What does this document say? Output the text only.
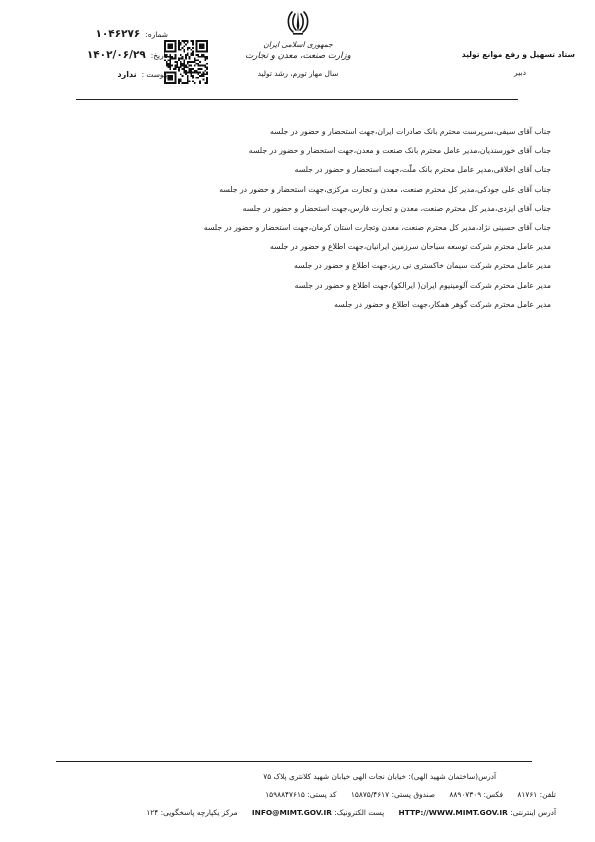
ستاد تسهیل و رفع موانع تولید
دبیر
جمهوری اسلامی ایران
وزارت صنعت، معدن و تجارت
سال مهار تورم، رشد تولید
۱۰۴۶۲۷۶ شماره:
۱۴۰۲/۰۶/۲۹ تاریخ:
ندارد پیوست :
جناب آقای سیفی،سرپرست محترم بانک صادرات ایران،جهت استحضار و حضور در جلسه
جناب آقای خورسندیان،مدیر عامل محترم بانک صنعت و معدن،جهت استحضار و حضور در جلسه
جناب آقای اخلاقی،مدیر عامل محترم بانک ملّت،جهت استحضار و حضور در جلسه
جناب آقای علی جودکی،مدیر کل محترم صنعت، معدن و تجارت مرکزی،جهت استحضار و حضور در جلسه
جناب آقای ایزدی،مدیر کل محترم صنعت، معدن و تجارت فارس،جهت استحضار و حضور در جلسه
جناب آقای حسینی نژاد،مدیر کل محترم صنعت، معدن وتجارت استان کرمان،جهت استحضار و حضور در جلسه
مدیر عامل محترم شرکت توسعه سیاحان سرزمین ایرانیان،جهت اطلاع و حضور در جلسه
مدیر عامل محترم شرکت سیمان خاکستری نی ریز،جهت اطلاع و حضور در جلسه
مدیر عامل محترم شرکت آلومینیوم ایران( ایرالکو)،جهت اطلاع و حضور در جلسه
مدیر عامل محترم شرکت گوهر همکار،جهت اطلاع و حضور در جلسه
آدرس(ساختمان شهید الهی): خیابان نجات الهی خیابان شهید کلانتری پلاک ۷۵
تلفن: ۸۱۷۶۱ فکس: ۸۸۹۰۷۳۰۹ صندوق پستی: ۱۵۸۷۵/۴۶۱۷ کد پستی: ۱۵۹۸۸۴۷۶۱۵
آدرس اینترنتی: HTTP://WWW.MIMT.GOV.IR پست الکترونیک: INFO@MIMT.GOV.IR مرکز یکپارچه پاسخگویی: ۱۲۴
